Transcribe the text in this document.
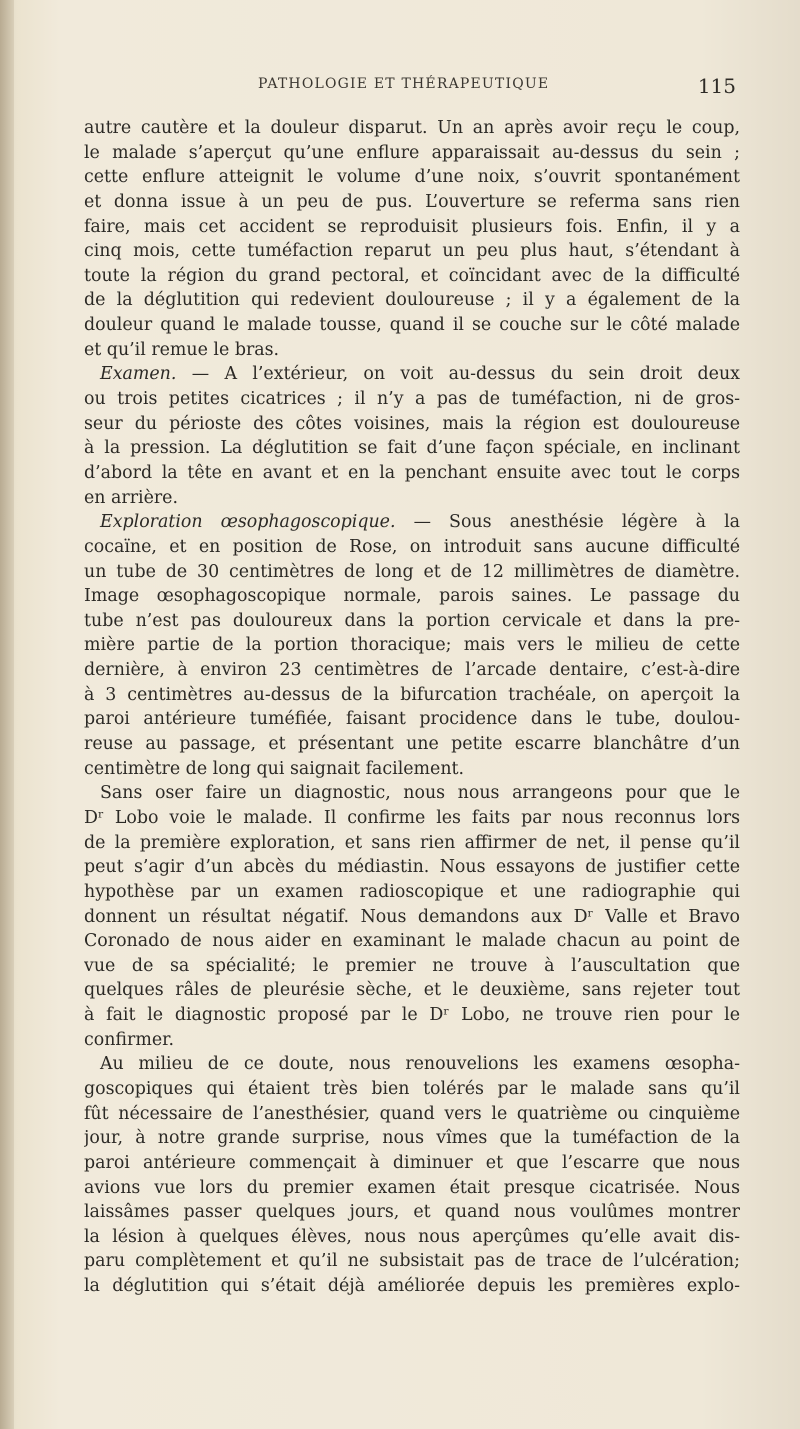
PATHOLOGIE ET THÉRAPEUTIQUE	115

autre cautère et la douleur disparut. Un an après avoir reçu le coup,
le malade s’aperçut qu’une enflure apparaissait au-dessus du sein ;
cette enflure atteignit le volume d’une noix, s’ouvrit spontanément
et donna issue à un peu de pus. L’ouverture se referma sans rien
faire, mais cet accident se reproduisit plusieurs fois. Enfin, il y a
cinq mois, cette tuméfaction reparut un peu plus haut, s’étendant à
toute la région du grand pectoral, et coïncidant avec de la difficulté
de la déglutition qui redevient douloureuse ; il y a également de la
douleur quand le malade tousse, quand il se couche sur le côté malade
et qu’il remue le bras.

Examen. — A l’extérieur, on voit au-dessus du sein droit deux
ou trois petites cicatrices ; il n’y a pas de tuméfaction, ni de gros-
seur du périoste des côtes voisines, mais la région est douloureuse
à la pression. La déglutition se fait d’une façon spéciale, en inclinant
d’abord la tête en avant et en la penchant ensuite avec tout le corps
en arrière.

Exploration œsophagoscopique. — Sous anesthésie légère à la
cocaïne, et en position de Rose, on introduit sans aucune difficulté
un tube de 30 centimètres de long et de 12 millimètres de diamètre.
Image œsophagoscopique normale, parois saines. Le passage du
tube n’est pas douloureux dans la portion cervicale et dans la pre-
mière partie de la portion thoracique; mais vers le milieu de cette
dernière, à environ 23 centimètres de l’arcade dentaire, c’est-à-dire
à 3 centimètres au-dessus de la bifurcation trachéale, on aperçoit la
paroi antérieure tuméfiée, faisant procidence dans le tube, doulou-
reuse au passage, et présentant une petite escarre blanchâtre d’un
centimètre de long qui saignait facilement.

Sans oser faire un diagnostic, nous nous arrangeons pour que le
Dʳ Lobo voie le malade. Il confirme les faits par nous reconnus lors
de la première exploration, et sans rien affirmer de net, il pense qu’il
peut s’agir d’un abcès du médiastin. Nous essayons de justifier cette
hypothèse par un examen radioscopique et une radiographie qui
donnent un résultat négatif. Nous demandons aux Dʳ Valle et Bravo
Coronado de nous aider en examinant le malade chacun au point de
vue de sa spécialité; le premier ne trouve à l’auscultation que
quelques râles de pleurésie sèche, et le deuxième, sans rejeter tout
à fait le diagnostic proposé par le Dʳ Lobo, ne trouve rien pour le
confirmer.

Au milieu de ce doute, nous renouvelions les examens œsopha-
goscopiques qui étaient très bien tolérés par le malade sans qu’il
fût nécessaire de l’anesthésier, quand vers le quatrième ou cinquième
jour, à notre grande surprise, nous vîmes que la tuméfaction de la
paroi antérieure commençait à diminuer et que l’escarre que nous
avions vue lors du premier examen était presque cicatrisée. Nous
laissâmes passer quelques jours, et quand nous voulûmes montrer
la lésion à quelques élèves, nous nous aperçûmes qu’elle avait dis-
paru complètement et qu’il ne subsistait pas de trace de l’ulcération;
la déglutition qui s’était déjà améliorée depuis les premières explo-
